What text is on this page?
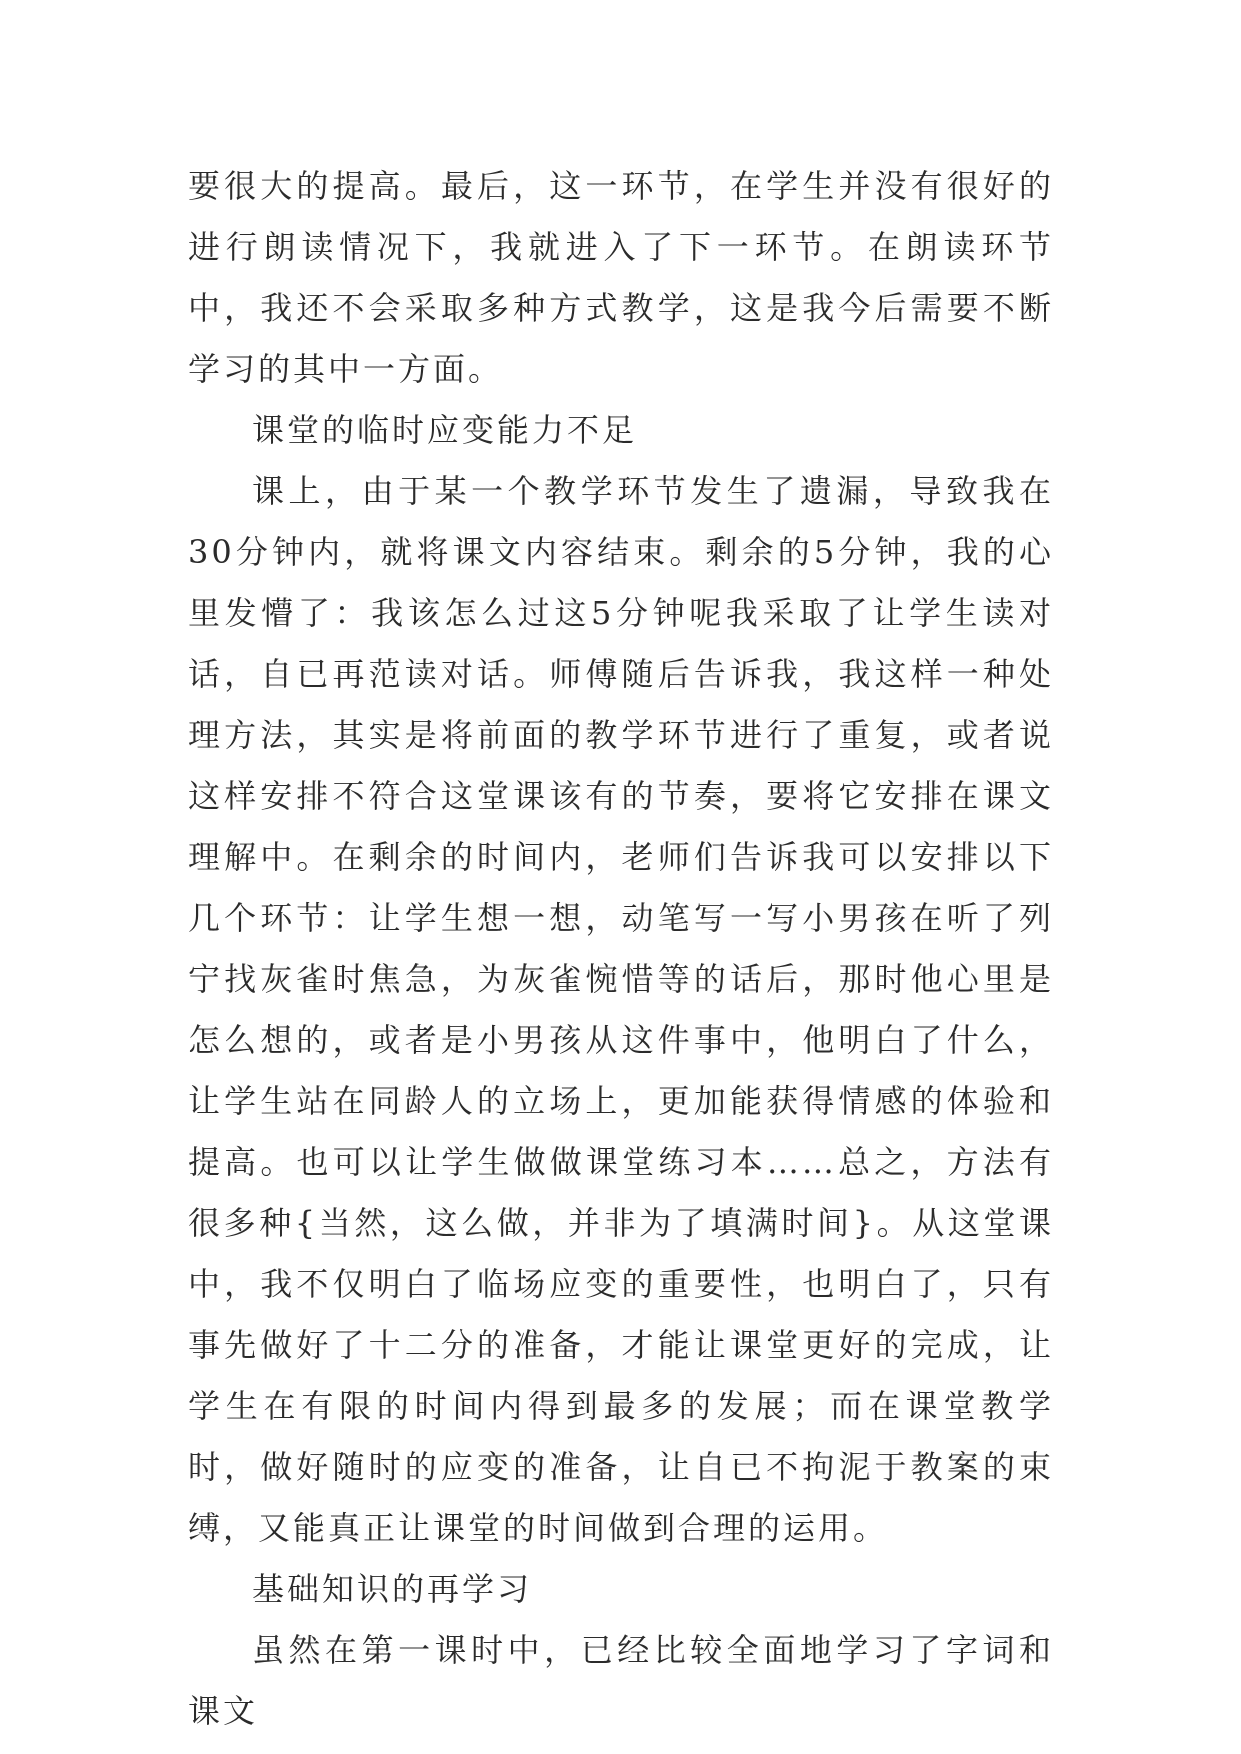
要很大的提高。最后，这一环节，在学生并没有很好的进行朗读情况下，我就进入了下一环节。在朗读环节中，我还不会采取多种方式教学，这是我今后需要不断学习的其中一方面。

课堂的临时应变能力不足

课上，由于某一个教学环节发生了遗漏，导致我在30分钟内，就将课文内容结束。剩余的5分钟，我的心里发懵了：我该怎么过这5分钟呢我采取了让学生读对话，自已再范读对话。师傅随后告诉我，我这样一种处理方法，其实是将前面的教学环节进行了重复，或者说这样安排不符合这堂课该有的节奏，要将它安排在课文理解中。在剩余的时间内，老师们告诉我可以安排以下几个环节：让学生想一想，动笔写一写小男孩在听了列宁找灰雀时焦急，为灰雀惋惜等的话后，那时他心里是怎么想的，或者是小男孩从这件事中，他明白了什么，让学生站在同龄人的立场上，更加能获得情感的体验和提高。也可以让学生做做课堂练习本……总之，方法有很多种{当然，这么做，并非为了填满时间}。从这堂课中，我不仅明白了临场应变的重要性，也明白了，只有事先做好了十二分的准备，才能让课堂更好的完成，让学生在有限的时间内得到最多的发展；而在课堂教学时，做好随时的应变的准备，让自已不拘泥于教案的束缚，又能真正让课堂的时间做到合理的运用。

基础知识的再学习

虽然在第一课时中，已经比较全面地学习了字词和课文
